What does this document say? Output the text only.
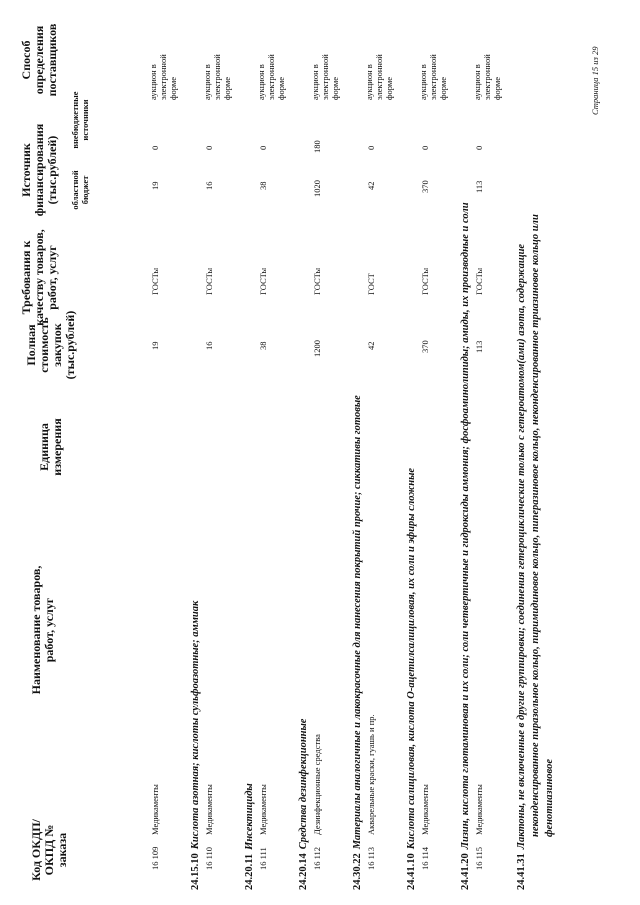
Код ОКДП/ ОКПД № заказа
Наименование товаров, работ, услуг
Единица измерения
Полная стоимость закупок (тыс.рублей)
Требования к качеству товаров, работ, услуг
Источник финансирования (тыс.рублей) областной бюджет
внебюджетные источники
Способ определения поставщиков
16 109
Медикаменты
19
ГОСТы
19
0
аукцион в электронной форме
24.15.10Кислота азотная; кислоты сульфоазотные; аммиак
16 110
Медикаменты
16
ГОСТы
16
0
аукцион в электронной форме
24.20.11Инсектициды
16 111
Медикаменты
38
ГОСТы
38
0
аукцион в электронной форме
24.20.14Средства дезинфекционные
16 112
Дезинфекционные средства
1200
ГОСТы
1020
180
аукцион в электронной форме
24.30.22Материалы аналогичные и лакокрасочные для нанесения покрытий прочие; сиккативы готовые
16 113
Акварельные краски, гуашь и пр.
42
ГОСТ
42
0
аукцион в электронной форме
24.41.10Кислота салициловая, кислота О-ацетилсалициловая, их соли и эфиры сложные
16 114
Медикаменты
370
ГОСТы
370
0
аукцион в электронной форме
24.41.20Лизин, кислота глютаминовая и их соли; соли четвертичные и гидроксиды аммония; фосфоаминолипиды; амиды, их производные и соли
16 115
Медикаменты
113
ГОСТы
113
0
аукцион в электронной форме
24.41.31Лактоны, не включенные в другие группировки; соединения гетероциклические только с гетероатомом(ами) азота, содержащие неконденсированное пиразольное кольцо, пиримидиновое кольцо, пиперазиновое кольцо, неконденсированное триазиновое кольцо или фенотиазиновое
Страница 15 из 29
